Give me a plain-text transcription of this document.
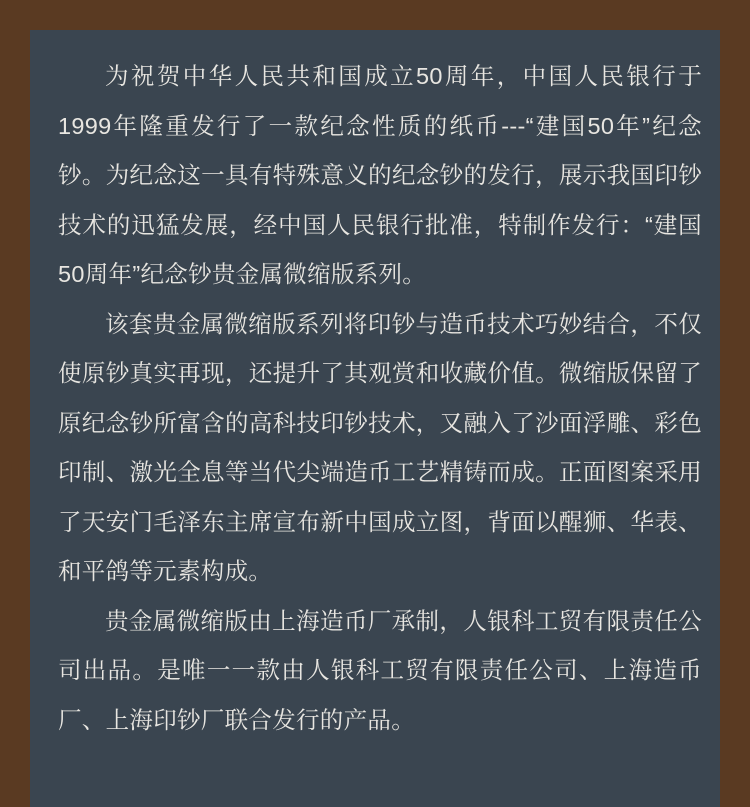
为祝贺中华人民共和国成立50周年，中国人民银行于1999年隆重发行了一款纪念性质的纸币---“建国50年”纪念钞。为纪念这一具有特殊意义的纪念钞的发行，展示我国印钞技术的迅猛发展，经中国人民银行批准，特制作发行：“建国50周年”纪念钞贵金属微缩版系列。

该套贵金属微缩版系列将印钞与造币技术巧妙结合，不仅使原钞真实再现，还提升了其观赏和收藏价值。微缩版保留了原纪念钞所富含的高科技印钞技术，又融入了沙面浮雕、彩色印制、激光全息等当代尖端造币工艺精铸而成。正面图案采用了天安门毛泽东主席宣布新中国成立图，背面以醒狮、华表、和平鸽等元素构成。

贵金属微缩版由上海造币厂承制，人银科工贸有限责任公司出品。是唯一一款由人银科工贸有限责任公司、上海造币厂、上海印钞厂联合发行的产品。
